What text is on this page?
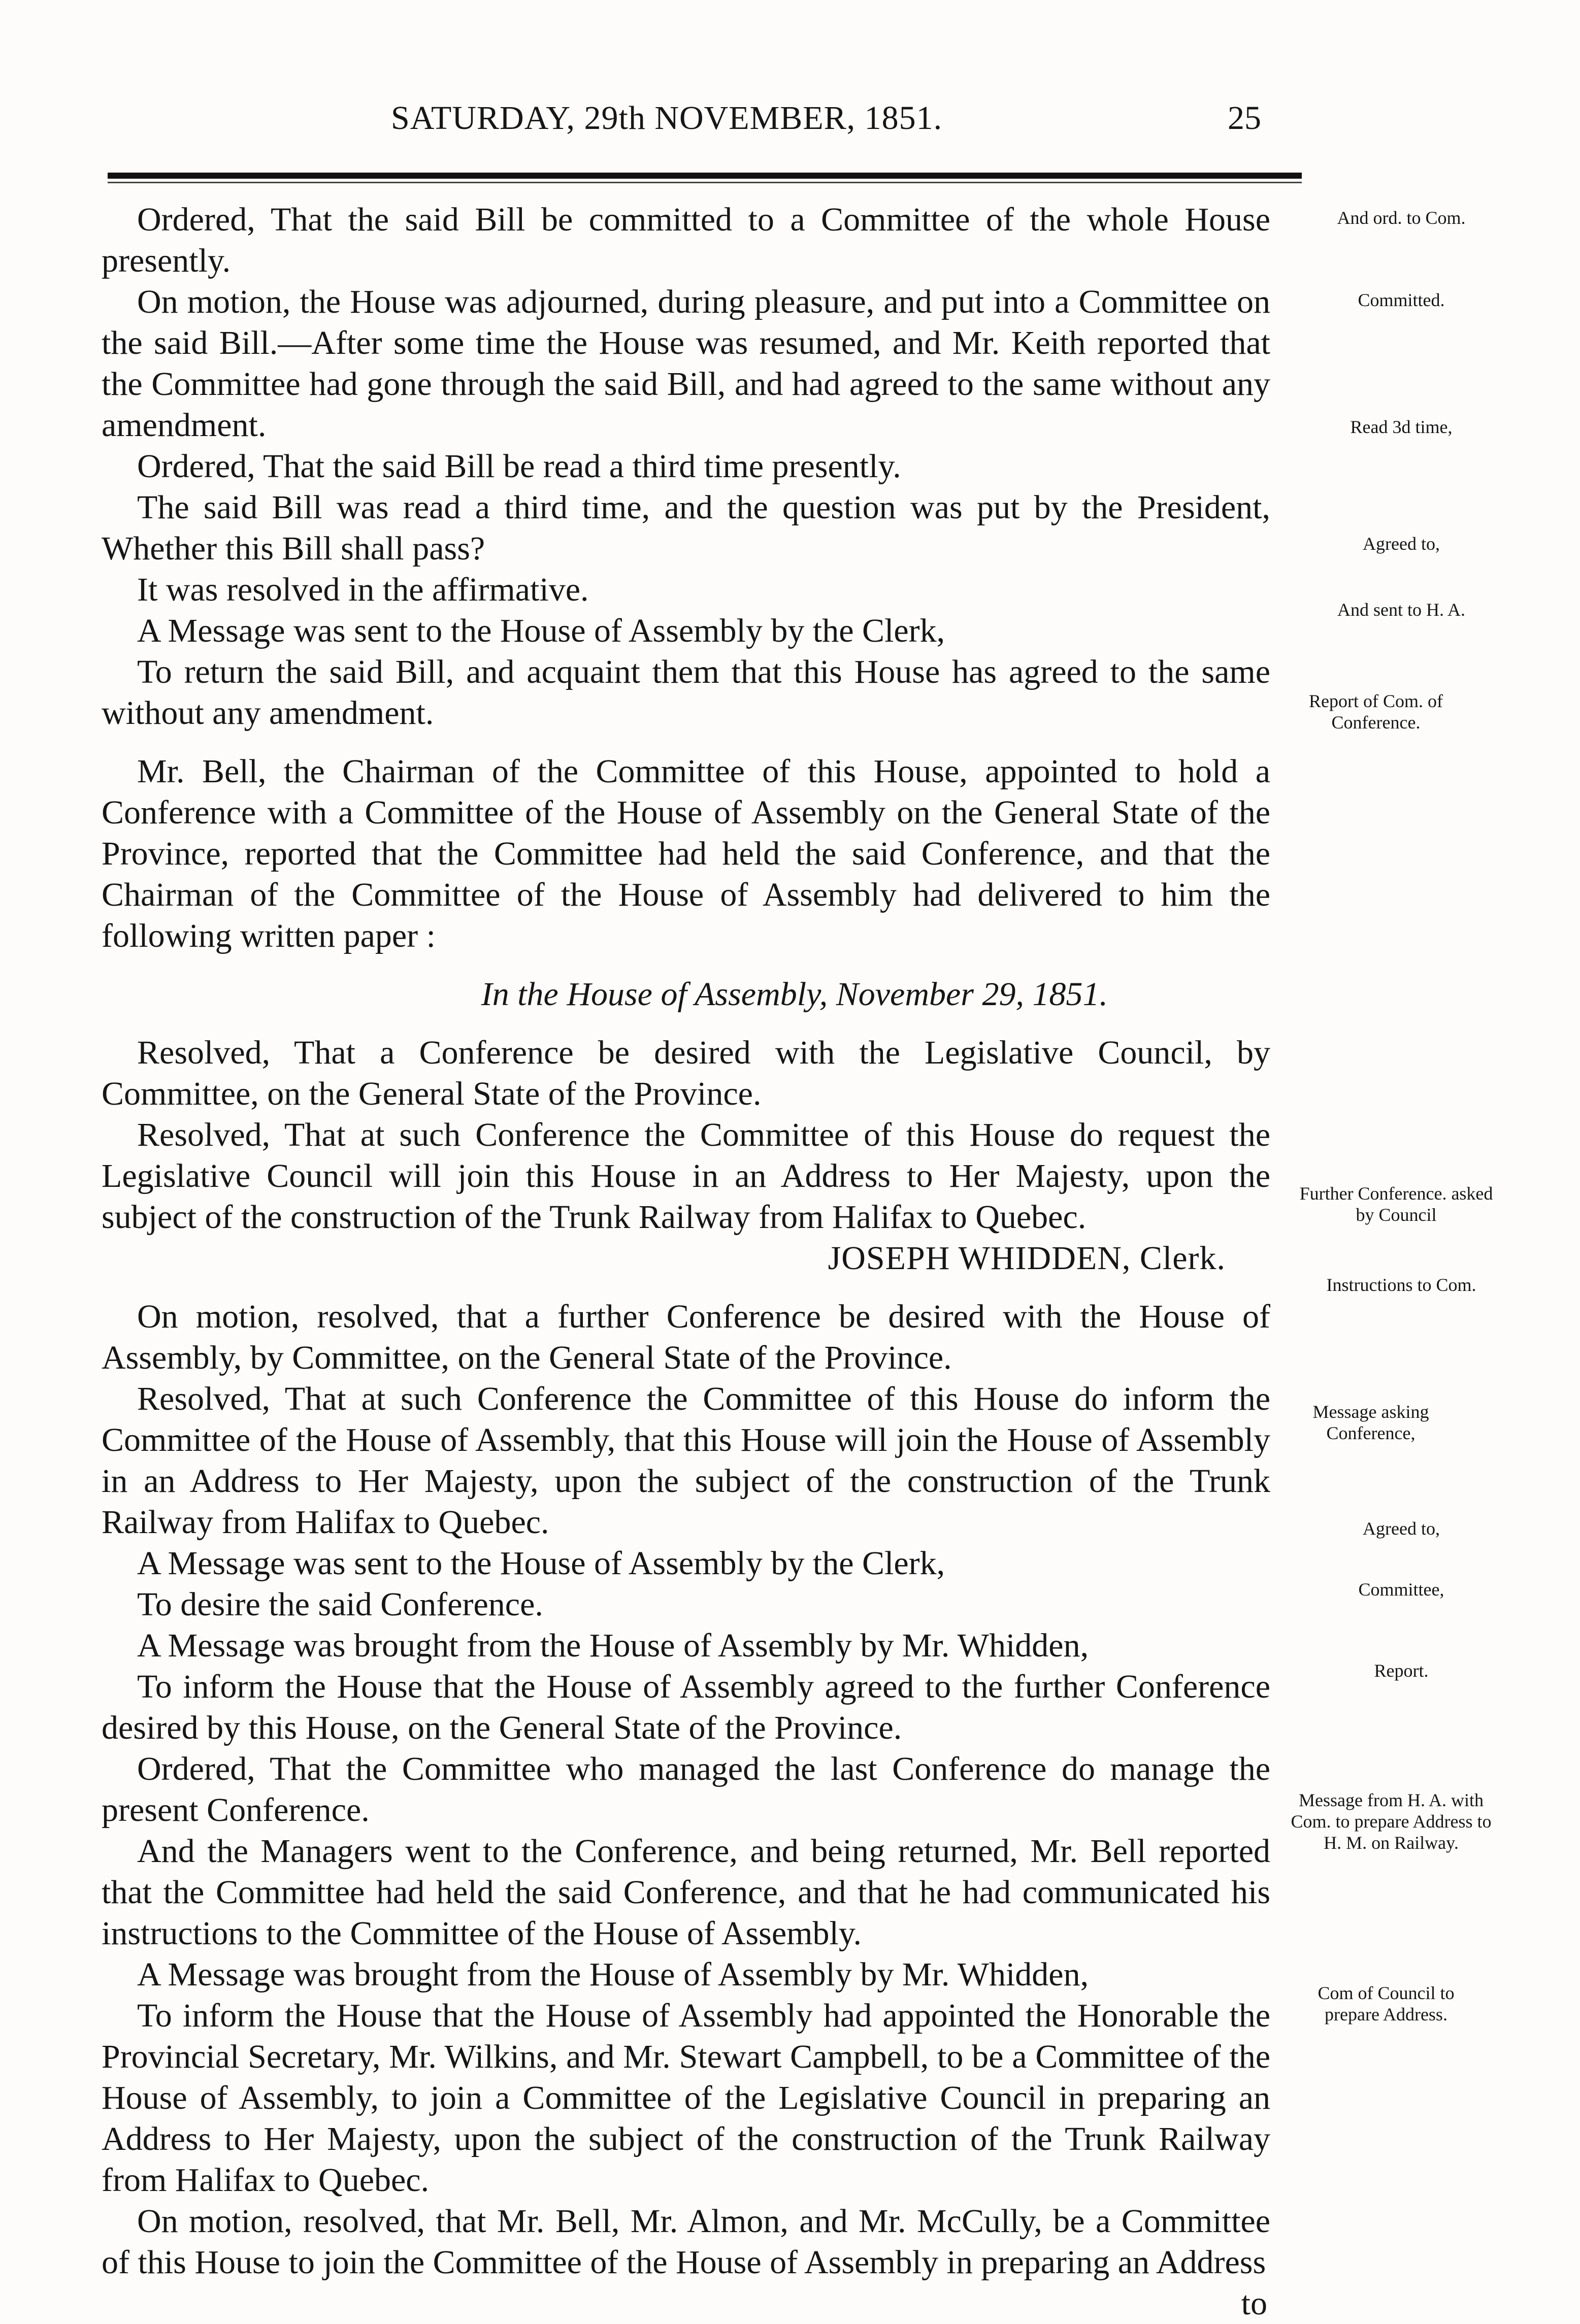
SATURDAY, 29th NOVEMBER, 1851.	25

Ordered, That the said Bill be committed to a Committee of the whole House presently.

On motion, the House was adjourned, during pleasure, and put into a Committee on the said Bill.—After some time the House was resumed, and Mr. Keith reported that the Committee had gone through the said Bill, and had agreed to the same without any amendment.

Ordered, That the said Bill be read a third time presently.

The said Bill was read a third time, and the question was put by the President, Whether this Bill shall pass?

It was resolved in the affirmative.

A Message was sent to the House of Assembly by the Clerk,

To return the said Bill, and acquaint them that this House has agreed to the same without any amendment.

Mr. Bell, the Chairman of the Committee of this House, appointed to hold a Conference with a Committee of the House of Assembly on the General State of the Province, reported that the Committee had held the said Conference, and that the Chairman of the Committee of the House of Assembly had delivered to him the following written paper :

In the House of Assembly, November 29, 1851.

Resolved, That a Conference be desired with the Legislative Council, by Committee, on the General State of the Province.

Resolved, That at such Conference the Committee of this House do request the Legislative Council will join this House in an Address to Her Majesty, upon the subject of the construction of the Trunk Railway from Halifax to Quebec.

JOSEPH WHIDDEN, Clerk.

On motion, resolved, that a further Conference be desired with the House of Assembly, by Committee, on the General State of the Province.

Resolved, That at such Conference the Committee of this House do inform the Committee of the House of Assembly, that this House will join the House of Assembly in an Address to Her Majesty, upon the subject of the construction of the Trunk Railway from Halifax to Quebec.

A Message was sent to the House of Assembly by the Clerk,

To desire the said Conference.

A Message was brought from the House of Assembly by Mr. Whidden,

To inform the House that the House of Assembly agreed to the further Conference desired by this House, on the General State of the Province.

Ordered, That the Committee who managed the last Conference do manage the present Conference.

And the Managers went to the Conference, and being returned, Mr. Bell reported that the Committee had held the said Conference, and that he had communicated his instructions to the Committee of the House of Assembly.

A Message was brought from the House of Assembly by Mr. Whidden,

To inform the House that the House of Assembly had appointed the Honorable the Provincial Secretary, Mr. Wilkins, and Mr. Stewart Campbell, to be a Committee of the House of Assembly, to join a Committee of the Legislative Council in preparing an Address to Her Majesty, upon the subject of the construction of the Trunk Railway from Halifax to Quebec.

On motion, resolved, that Mr. Bell, Mr. Almon, and Mr. McCully, be a Committee of this House to join the Committee of the House of Assembly in preparing an Address

to

And ord. to Com.
Committed.
Read 3d time,
Agreed to,
And sent to H. A.
Report of Com. of Conference.
Further Conference. asked by Council
Instructions to Com.
Message asking Conference,
Agreed to,
Committee,
Report.
Message from H. A. with Com. to prepare Address to H. M. on Railway.
Com of Council to prepare Address.
